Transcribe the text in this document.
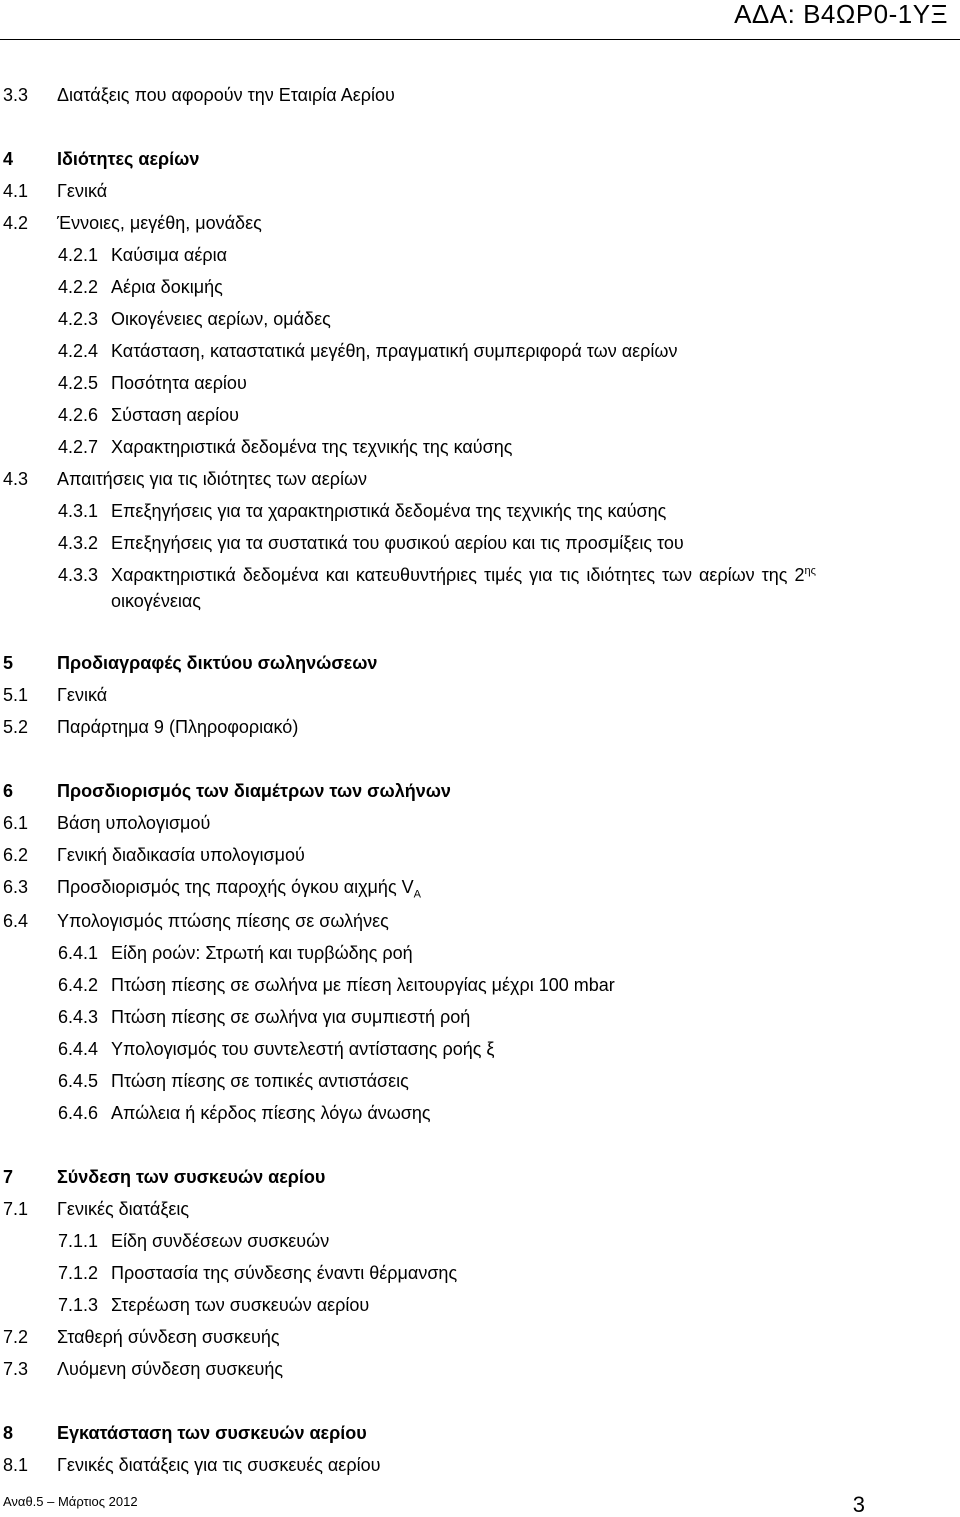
ΑΔΑ: Β4ΩΡ0-1ΥΞ
3.3 Διατάξεις που αφορούν την Εταιρία Αερίου
4 Ιδιότητες αερίων
4.1 Γενικά
4.2 Έννοιες, μεγέθη, μονάδες
4.2.1 Καύσιμα αέρια
4.2.2 Αέρια δοκιμής
4.2.3 Οικογένειες αερίων, ομάδες
4.2.4 Κατάσταση, καταστατικά μεγέθη, πραγματική συμπεριφορά των αερίων
4.2.5 Ποσότητα αερίου
4.2.6 Σύσταση αερίου
4.2.7 Χαρακτηριστικά δεδομένα της τεχνικής της καύσης
4.3 Απαιτήσεις για τις ιδιότητες των αερίων
4.3.1 Επεξηγήσεις για τα χαρακτηριστικά δεδομένα της τεχνικής της καύσης
4.3.2 Επεξηγήσεις για τα συστατικά του φυσικού αερίου και τις προσμίξεις του
4.3.3 Χαρακτηριστικά δεδομένα και κατευθυντήριες τιμές για τις ιδιότητες των αερίων της $2^{\eta\varsigma}$
οικογένειας
5 Προδιαγραφές δικτύου σωληνώσεων
5.1 Γενικά
5.2 Παράρτημα 9 (Πληροφοριακό)
6 Προσδιορισμός των διαμέτρων των σωλήνων
6.1 Βάση υπολογισμού
6.2 Γενική διαδικασία υπολογισμού
6.3 Προσδιορισμός της παροχής όγκου αιχμής $V_A$
6.4 Υπολογισμός πτώσης πίεσης σε σωλήνες
6.4.1 Είδη ροών: Στρωτή και τυρβώδης ροή
6.4.2 Πτώση πίεσης σε σωλήνα με πίεση λειτουργίας μέχρι 100 mbar
6.4.3 Πτώση πίεσης σε σωλήνα για συμπιεστή ροή
6.4.4 Υπολογισμός του συντελεστή αντίστασης ροής ξ
6.4.5 Πτώση πίεσης σε τοπικές αντιστάσεις
6.4.6 Απώλεια ή κέρδος πίεσης λόγω άνωσης
7 Σύνδεση των συσκευών αερίου
7.1 Γενικές διατάξεις
7.1.1 Είδη συνδέσεων συσκευών
7.1.2 Προστασία της σύνδεσης έναντι θέρμανσης
7.1.3 Στερέωση των συσκευών αερίου
7.2 Σταθερή σύνδεση συσκευής
7.3 Λυόμενη σύνδεση συσκευής
8 Εγκατάσταση των συσκευών αερίου
8.1 Γενικές διατάξεις για τις συσκευές αερίου
Αναθ.5 – Μάρτιος 2012	3
